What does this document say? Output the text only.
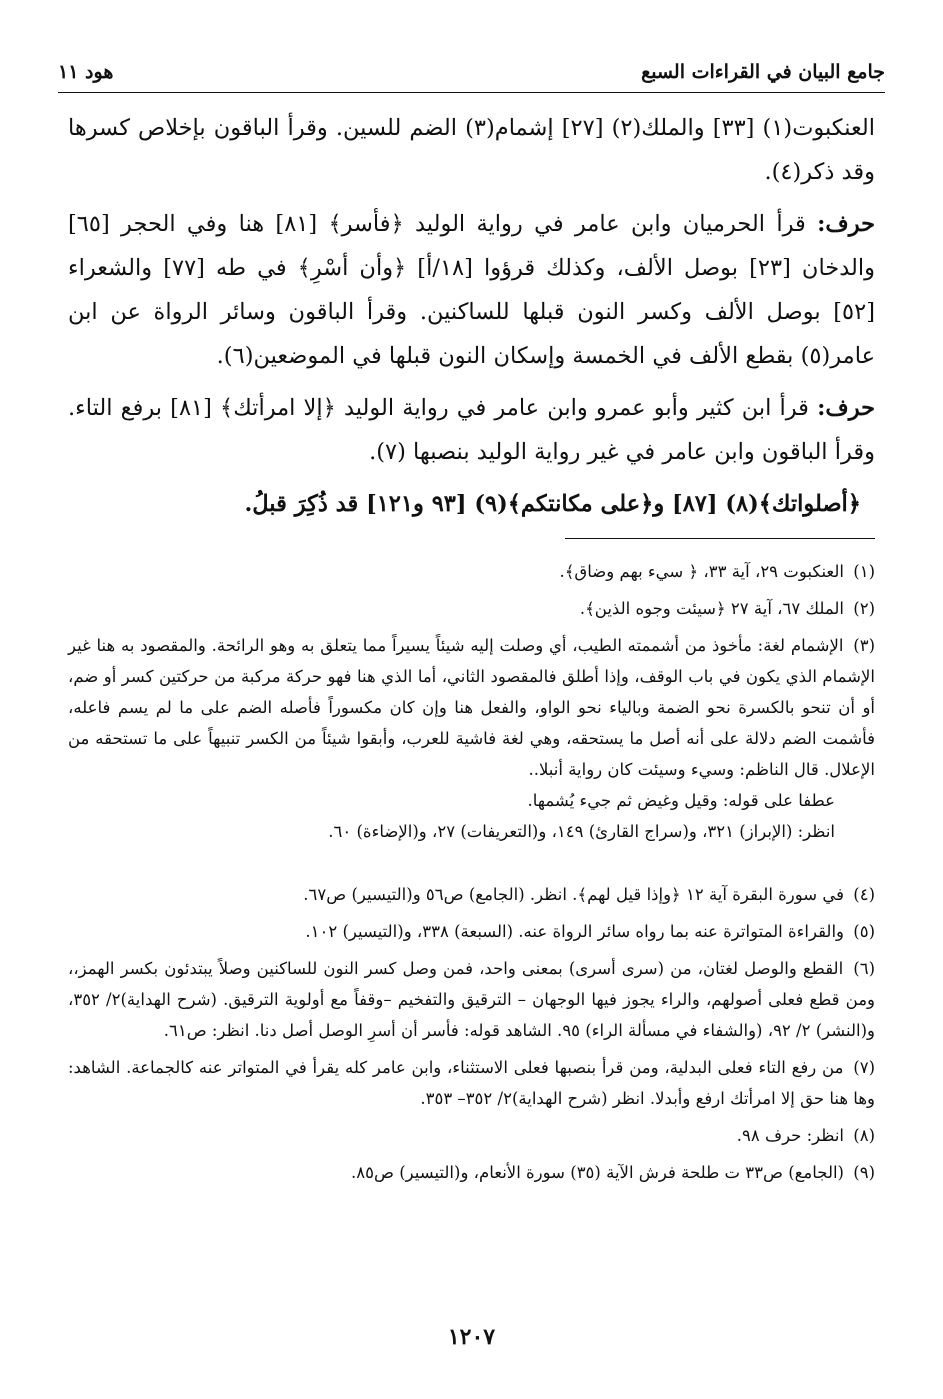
جامع البيان في القراءات السبع
هود ١١

العنكبوت(١) [٣٣] والملك(٢) [٢٧] إشمام(٣) الضم للسين. وقرأ الباقون بإخلاص كسرها وقد ذكر(٤).

حرف: قرأ الحرميان وابن عامر في رواية الوليد ﴿فأسر﴾ [٨١] هنا وفي الحجر [٦٥] والدخان [٢٣] بوصل الألف، وكذلك قرؤوا [١٨/أ] ﴿وأن أسْرِ﴾ في طه [٧٧] والشعراء [٥٢] بوصل الألف وكسر النون قبلها للساكنين. وقرأ الباقون وسائر الرواة عن ابن عامر(٥) بقطع الألف في الخمسة وإسكان النون قبلها في الموضعين(٦).

حرف: قرأ ابن كثير وأبو عمرو وابن عامر في رواية الوليد ﴿إلا امرأتك﴾ [٨١] برفع التاء. وقرأ الباقون وابن عامر في غير رواية الوليد بنصبها (٧).

﴿أصلواتك﴾(٨) [٨٧] و﴿على مكانتكم﴾(٩) [٩٣ و١٢١] قد ذُكِرَ قبلُ.

(١) العنكبوت ٢٩، آية ٣٣، ﴿ سيء بهم وضاق﴾.
(٢) الملك ٦٧، آية ٢٧ ﴿سيئت وجوه الذين﴾.
(٣) الإشمام لغة: مأخوذ من أشممته الطيب، أي وصلت إليه شيئاً يسيراً مما يتعلق به وهو الرائحة. والمقصود به هنا غير الإشمام الذي يكون في باب الوقف، وإذا أطلق فالمقصود الثاني، أما الذي هنا فهو حركة مركبة من حركتين كسر أو ضم، أو أن تنحو بالكسرة نحو الضمة وبالياء نحو الواو، والفعل هنا وإن كان مكسوراً فأصله الضم على ما لم يسم فاعله، فأشمت الضم دلالة على أنه أصل ما يستحقه، وهي لغة فاشية للعرب، وأبقوا شيئاً من الكسر تنبيهاً على ما تستحقه من الإعلال. قال الناظم: وسيء وسيئت كان رواية أنبلا..
عطفا على قوله: وقيل وغيض ثم جيء يُشمها.
انظر: (الإبراز) ٣٢١، و(سراج القارئ) ١٤٩، و(التعريفات) ٢٧، و(الإضاءة) ٦٠.
(٤) في سورة البقرة آية ١٢ ﴿وإذا قيل لهم﴾. انظر. (الجامع) ص٥٦ و(التيسير) ص٦٧.
(٥) والقراءة المتواترة عنه بما رواه سائر الرواة عنه. (السبعة) ٣٣٨، و(التيسير) ١٠٢.
(٦) القطع والوصل لغتان، من (سرى أسرى) بمعنى واحد، فمن وصل كسر النون للساكنين وصلاً يبتدئون بكسر الهمز،، ومن قطع فعلى أصولهم، والراء يجوز فيها الوجهان – الترقيق والتفخيم –وقفاً مع أولوية الترقيق. (شرح الهداية)٢/ ٣٥٢، و(النشر) ٢/ ٩٢، (والشفاء في مسألة الراء) ٩٥. الشاهد قوله: فأسر أن أسرِ الوصل أصل دنا. انظر: ص٦١.
(٧) من رفع التاء فعلى البدلية، ومن قرأ بنصبها فعلى الاستثناء، وابن عامر كله يقرأ في المتواتر عنه كالجماعة. الشاهد: وها هنا حق إلا امرأتك ارفع وأبدلا. انظر (شرح الهداية)٢/ ٣٥٢– ٣٥٣.
(٨) انظر: حرف ٩٨.
(٩) (الجامع) ص٣٣ ت طلحة فرش الآية (٣٥) سورة الأنعام، و(التيسير) ص٨٥.
١٢٠٧
